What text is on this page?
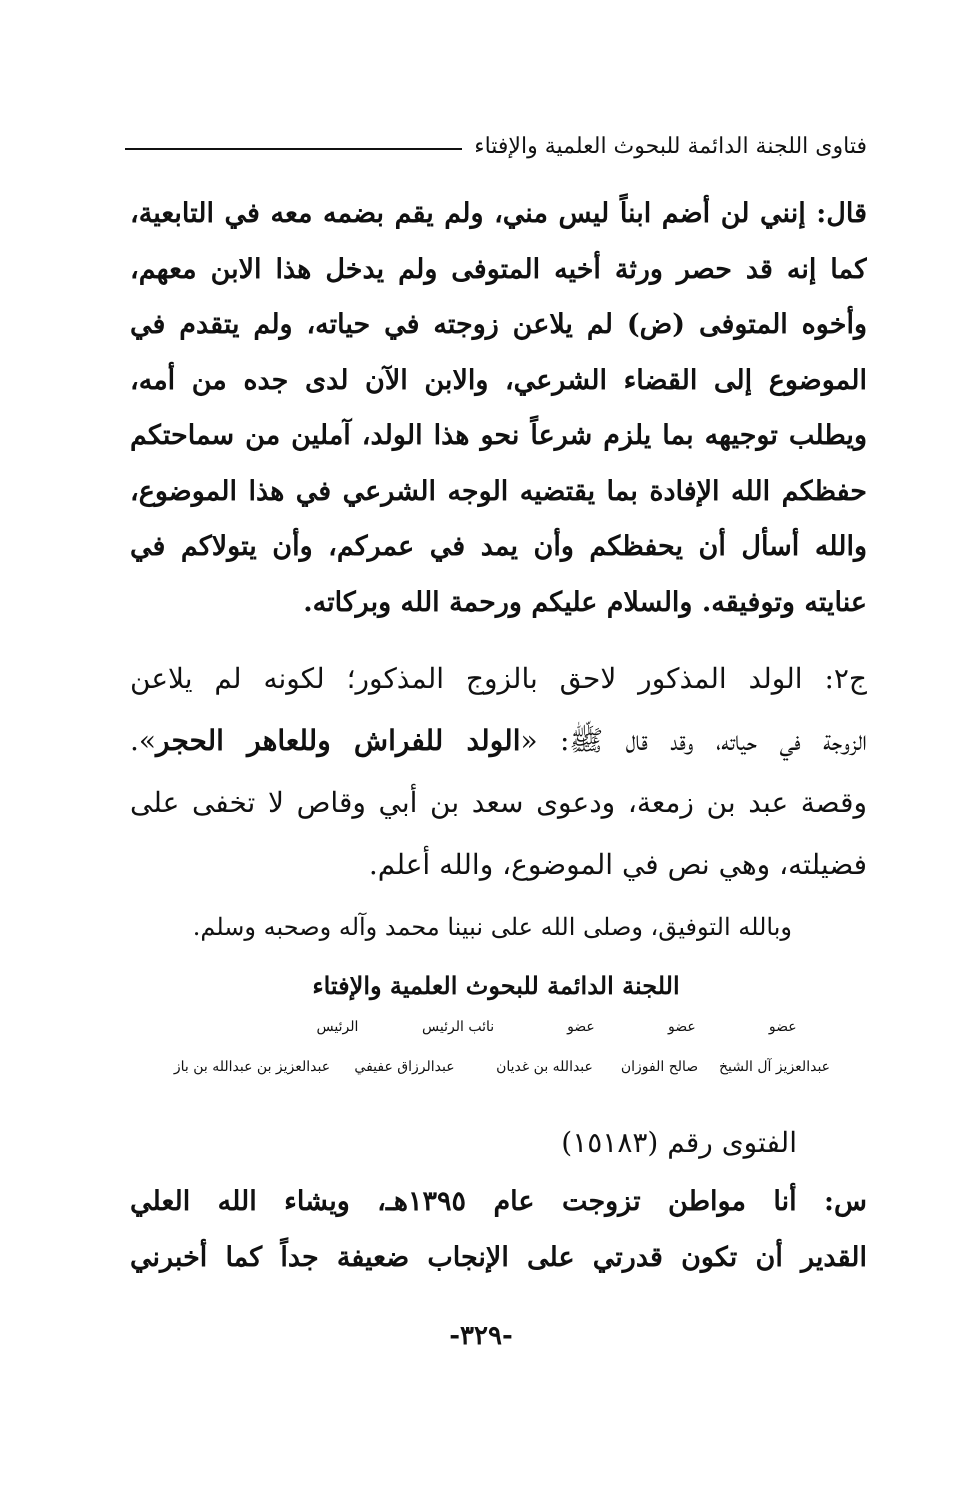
فتاوى اللجنة الدائمة للبحوث العلمية والإفتاء
قال: إنني لن أضم ابناً ليس مني، ولم يقم بضمه معه في التابعية،
كما إنه قد حصر ورثة أخيه المتوفى ولم يدخل هذا الابن معهم،
وأخوه المتوفى (ض) لم يلاعن زوجته في حياته، ولم يتقدم في
الموضوع إلى القضاء الشرعي، والابن الآن لدى جده من أمه،
ويطلب توجيهه بما يلزم شرعاً نحو هذا الولد، آملين من سماحتكم
حفظكم الله الإفادة بما يقتضيه الوجه الشرعي في هذا الموضوع،
والله أسأل أن يحفظكم وأن يمد في عمركم، وأن يتولاكم في
عنايته وتوفيقه. والسلام عليكم ورحمة الله وبركاته.
ج٢: الولد المذكور لاحق بالزوج المذكور؛ لكونه لم يلاعن
الزوجة في حياته، وقد قال ﷺ: «الولد للفراش وللعاهر الحجر».
وقصة عبد بن زمعة، ودعوى سعد بن أبي وقاص لا تخفى على
فضيلته، وهي نص في الموضوع، والله أعلم.
وبالله التوفيق، وصلى الله على نبينا محمد وآله وصحبه وسلم.
اللجنة الدائمة للبحوث العلمية والإفتاء
عضو
عضو
عضو
نائب الرئيس
الرئيس
عبدالعزيز آل الشيخ
صالح الفوزان
عبدالله بن غديان
عبدالرزاق عفيفي
عبدالعزيز بن عبدالله بن باز
الفتوى رقم (١٥١٨٣)
س: أنا مواطن تزوجت عام ١٣٩٥هـ، ويشاء الله العلي
القدير أن تكون قدرتي على الإنجاب ضعيفة جداً كما أخبرني
-٣٢٩-
